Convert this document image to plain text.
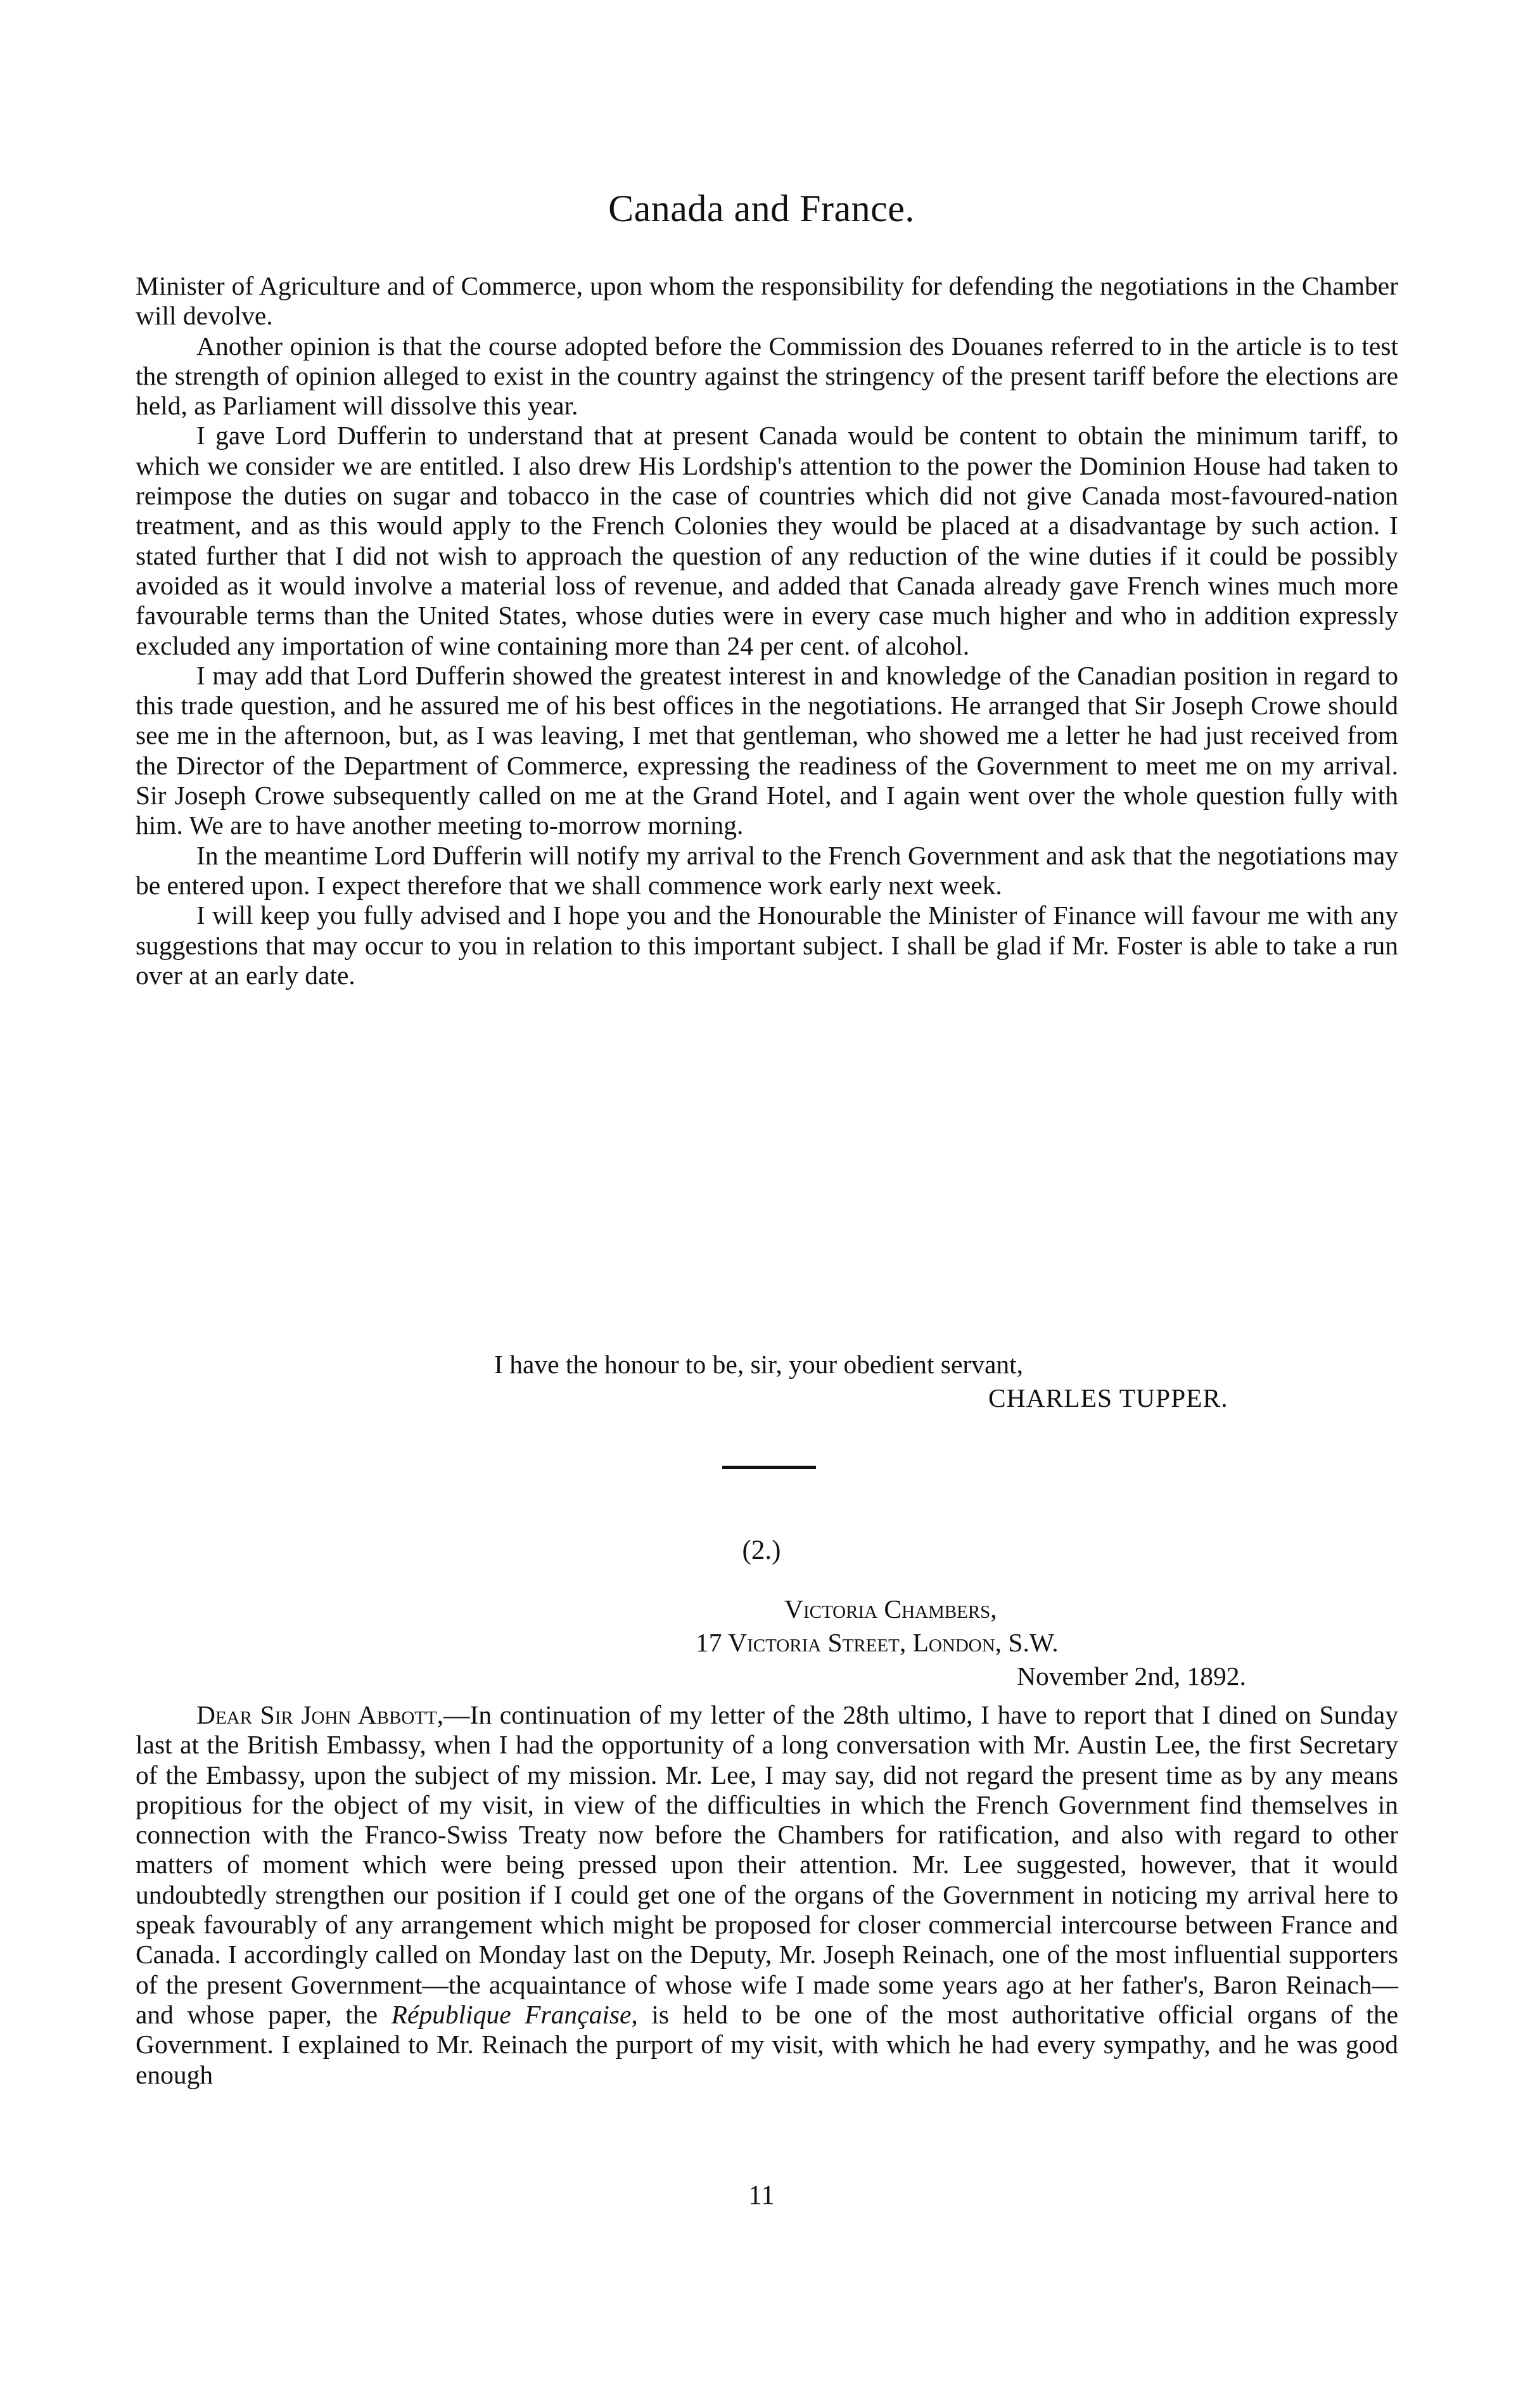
Canada and France.

Minister of Agriculture and of Commerce, upon whom the responsibility for defending the negotiations in the Chamber will devolve.

Another opinion is that the course adopted before the Commission des Douanes referred to in the article is to test the strength of opinion alleged to exist in the country against the stringency of the present tariff before the elections are held, as Parliament will dissolve this year.

I gave Lord Dufferin to understand that at present Canada would be content to obtain the minimum tariff, to which we consider we are entitled. I also drew His Lordship's attention to the power the Dominion House had taken to reimpose the duties on sugar and tobacco in the case of countries which did not give Canada most-favoured-nation treatment, and as this would apply to the French Colonies they would be placed at a disadvantage by such action. I stated further that I did not wish to approach the question of any reduction of the wine duties if it could be possibly avoided as it would involve a material loss of revenue, and added that Canada already gave French wines much more favourable terms than the United States, whose duties were in every case much higher and who in addition expressly excluded any importation of wine containing more than 24 per cent. of alcohol.

I may add that Lord Dufferin showed the greatest interest in and knowledge of the Canadian position in regard to this trade question, and he assured me of his best offices in the negotiations. He arranged that Sir Joseph Crowe should see me in the afternoon, but, as I was leaving, I met that gentleman, who showed me a letter he had just received from the Director of the Department of Commerce, expressing the readiness of the Government to meet me on my arrival. Sir Joseph Crowe subsequently called on me at the Grand Hotel, and I again went over the whole question fully with him. We are to have another meeting to-morrow morning.

In the meantime Lord Dufferin will notify my arrival to the French Government and ask that the negotiations may be entered upon. I expect therefore that we shall commence work early next week.

I will keep you fully advised and I hope you and the Honourable the Minister of Finance will favour me with any suggestions that may occur to you in relation to this important subject. I shall be glad if Mr. Foster is able to take a run over at an early date.

I have the honour to be, sir, your obedient servant,
CHARLES TUPPER.
(2.)
Victoria Chambers,
17 Victoria Street, London, S.W.
November 2nd, 1892.

Dear Sir John Abbott,—In continuation of my letter of the 28th ultimo, I have to report that I dined on Sunday last at the British Embassy, when I had the opportunity of a long conversation with Mr. Austin Lee, the first Secretary of the Embassy, upon the subject of my mission. Mr. Lee, I may say, did not regard the present time as by any means propitious for the object of my visit, in view of the difficulties in which the French Government find themselves in connection with the Franco-Swiss Treaty now before the Chambers for ratification, and also with regard to other matters of moment which were being pressed upon their attention. Mr. Lee suggested, however, that it would undoubtedly strengthen our position if I could get one of the organs of the Government in noticing my arrival here to speak favourably of any arrangement which might be proposed for closer commercial intercourse between France and Canada. I accordingly called on Monday last on the Deputy, Mr. Joseph Reinach, one of the most influential supporters of the present Government—the acquaintance of whose wife I made some years ago at her father's, Baron Reinach—and whose paper, the République Française, is held to be one of the most authoritative official organs of the Government. I explained to Mr. Reinach the purport of my visit, with which he had every sympathy, and he was good enough

11
